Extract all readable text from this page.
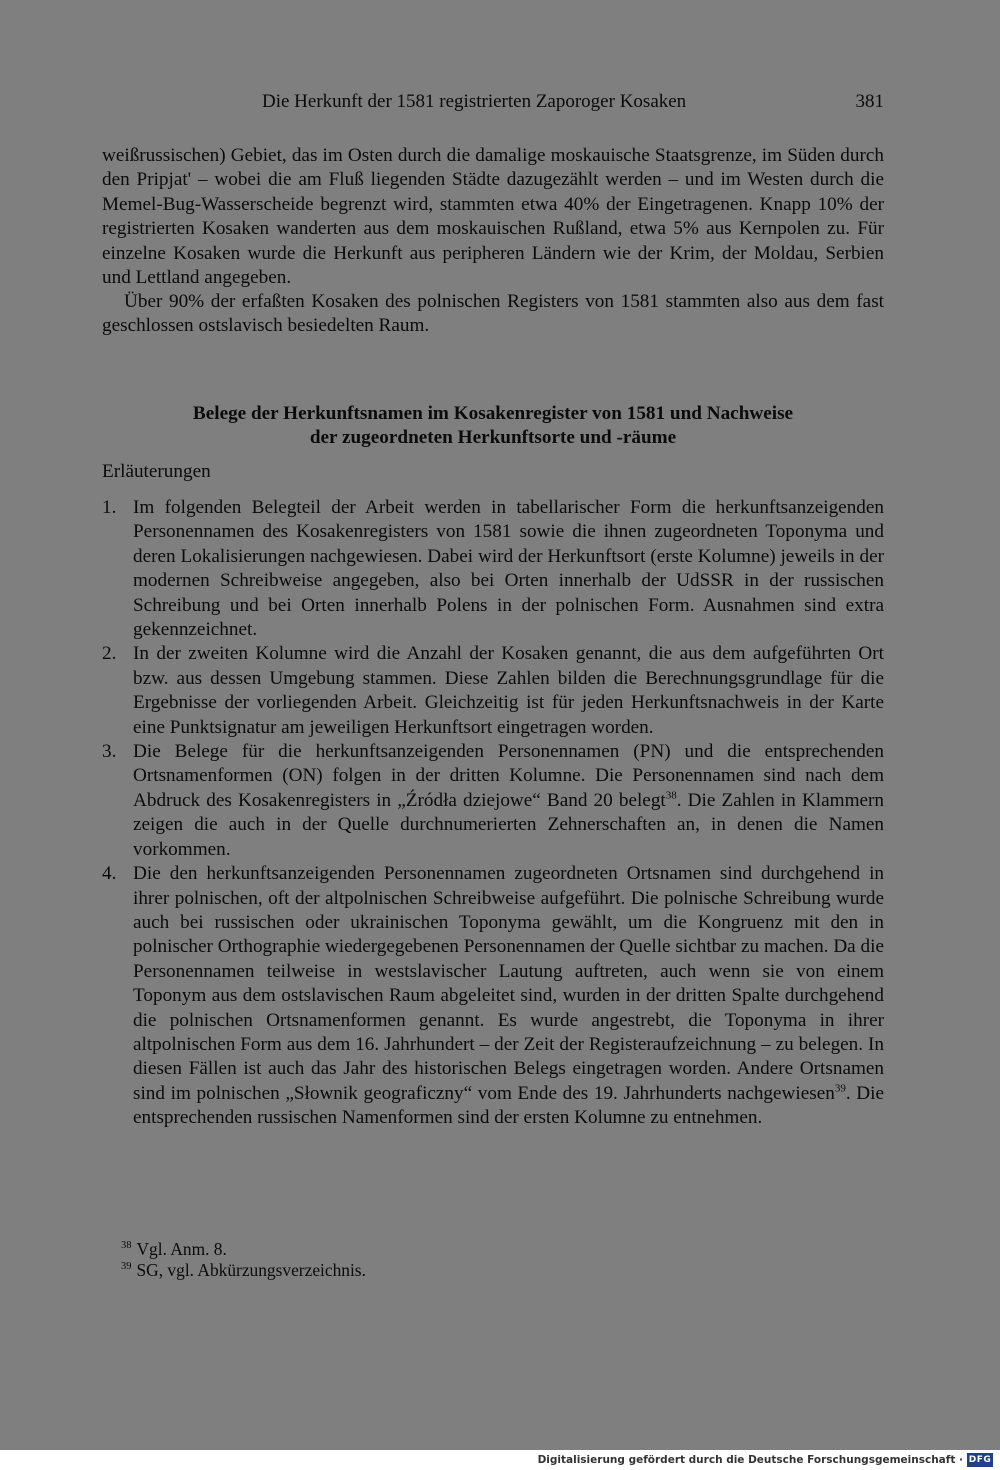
Die Herkunft der 1581 registrierten Zaporoger Kosaken	381
weißrussischen) Gebiet, das im Osten durch die damalige moskauische Staatsgrenze, im Süden durch den Pripjat' – wobei die am Fluß liegenden Städte dazugezählt werden – und im Westen durch die Memel-Bug-Wasserscheide begrenzt wird, stammten etwa 40% der Eingetragenen. Knapp 10% der registrierten Kosaken wanderten aus dem moskauischen Rußland, etwa 5% aus Kernpolen zu. Für einzelne Kosaken wurde die Herkunft aus peripheren Ländern wie der Krim, der Moldau, Serbien und Lettland angegeben.
Über 90% der erfaßten Kosaken des polnischen Registers von 1581 stammten also aus dem fast geschlossen ostslavisch besiedelten Raum.
Belege der Herkunftsnamen im Kosakenregister von 1581 und Nachweise
der zugeordneten Herkunftsorte und -räume
Erläuterungen
1. Im folgenden Belegteil der Arbeit werden in tabellarischer Form die herkunftsanzeigenden Personennamen des Kosakenregisters von 1581 sowie die ihnen zugeordneten Toponyma und deren Lokalisierungen nachgewiesen. Dabei wird der Herkunftsort (erste Kolumne) jeweils in der modernen Schreibweise angegeben, also bei Orten innerhalb der UdSSR in der russischen Schreibung und bei Orten innerhalb Polens in der polnischen Form. Ausnahmen sind extra gekennzeichnet.
2. In der zweiten Kolumne wird die Anzahl der Kosaken genannt, die aus dem aufgeführten Ort bzw. aus dessen Umgebung stammen. Diese Zahlen bilden die Berechnungsgrundlage für die Ergebnisse der vorliegenden Arbeit. Gleichzeitig ist für jeden Herkunftsnachweis in der Karte eine Punktsignatur am jeweiligen Herkunftsort eingetragen worden.
3. Die Belege für die herkunftsanzeigenden Personennamen (PN) und die entsprechenden Ortsnamenformen (ON) folgen in der dritten Kolumne. Die Personennamen sind nach dem Abdruck des Kosakenregisters in „Źródła dziejowe“ Band 20 belegt$^{38}$. Die Zahlen in Klammern zeigen die auch in der Quelle durchnumerierten Zehnerschaften an, in denen die Namen vorkommen.
4. Die den herkunftsanzeigenden Personennamen zugeordneten Ortsnamen sind durchgehend in ihrer polnischen, oft der altpolnischen Schreibweise aufgeführt. Die polnische Schreibung wurde auch bei russischen oder ukrainischen Toponyma gewählt, um die Kongruenz mit den in polnischer Orthographie wiedergegebenen Personennamen der Quelle sichtbar zu machen. Da die Personennamen teilweise in westslavischer Lautung auftreten, auch wenn sie von einem Toponym aus dem ostslavischen Raum abgeleitet sind, wurden in der dritten Spalte durchgehend die polnischen Ortsnamenformen genannt. Es wurde angestrebt, die Toponyma in ihrer altpolnischen Form aus dem 16. Jahrhundert – der Zeit der Registeraufzeichnung – zu belegen. In diesen Fällen ist auch das Jahr des historischen Belegs eingetragen worden. Andere Ortsnamen sind im polnischen „Słownik geograficzny“ vom Ende des 19. Jahrhunderts nachgewiesen$^{39}$. Die entsprechenden russischen Namenformen sind der ersten Kolumne zu entnehmen.
$^{38}$ Vgl. Anm. 8.
$^{39}$ SG, vgl. Abkürzungsverzeichnis.
Digitalisierung gefördert durch die Deutsche Forschungsgemeinschaft · DFG
